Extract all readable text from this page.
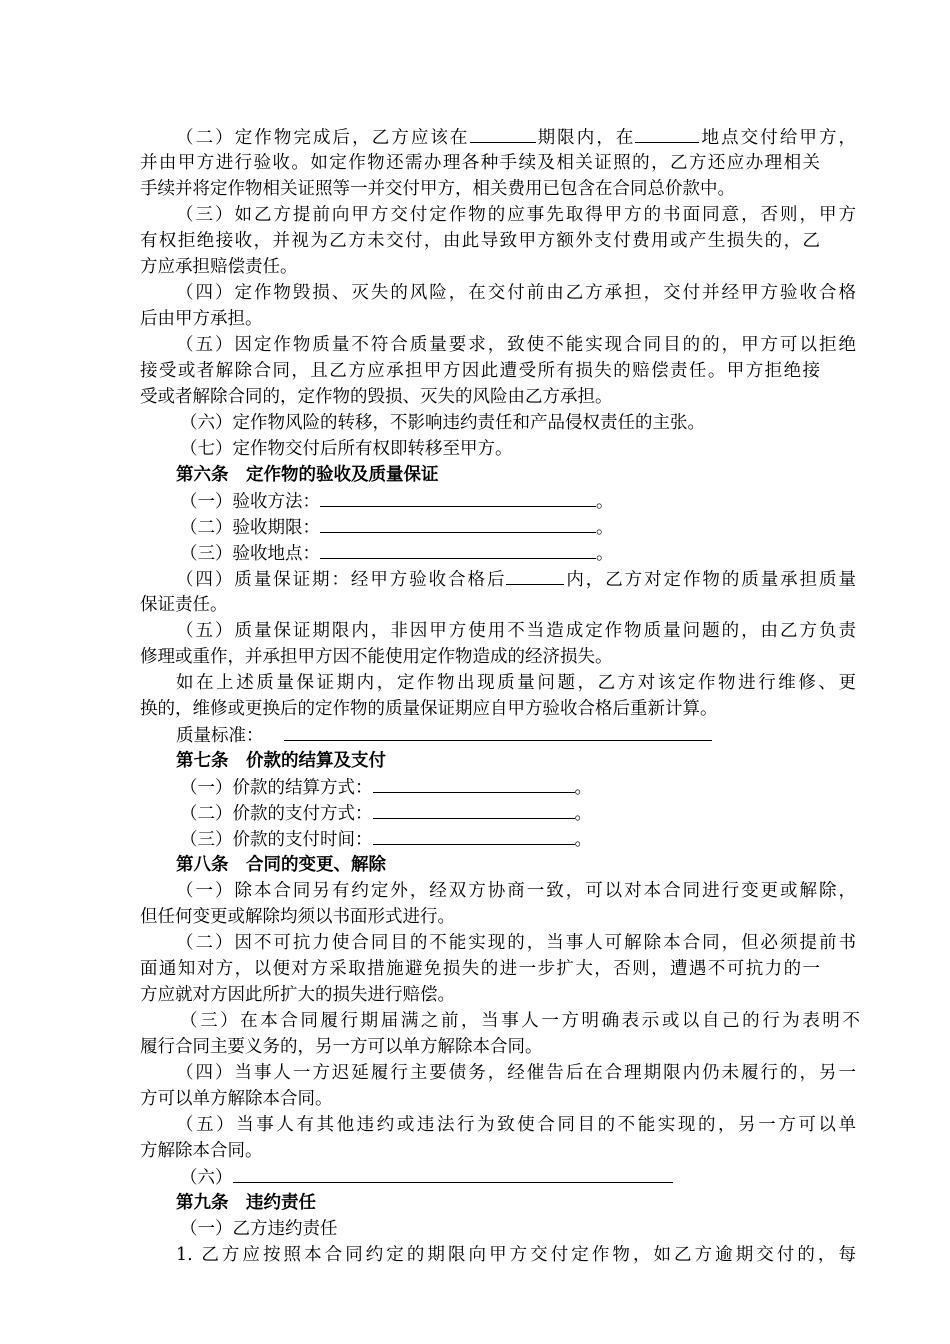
（二）定作物完成后，乙方应该在	期限内，在	地点交付给甲方，
并由甲方进行验收。如定作物还需办理各种手续及相关证照的，乙方还应办理相关
手续并将定作物相关证照等一并交付甲方，相关费用已包含在合同总价款中。
（三）如乙方提前向甲方交付定作物的应事先取得甲方的书面同意，否则，甲方
有权拒绝接收，并视为乙方未交付，由此导致甲方额外支付费用或产生损失的，乙
方应承担赔偿责任。
（四）定作物毁损、灭失的风险，在交付前由乙方承担，交付并经甲方验收合格
后由甲方承担。
（五）因定作物质量不符合质量要求，致使不能实现合同目的的，甲方可以拒绝
接受或者解除合同，且乙方应承担甲方因此遭受所有损失的赔偿责任。甲方拒绝接
受或者解除合同的，定作物的毁损、灭失的风险由乙方承担。
（六）定作物风险的转移，不影响违约责任和产品侵权责任的主张。
（七）定作物交付后所有权即转移至甲方。
第六条　定作物的验收及质量保证
（一）验收方法：	。
（二）验收期限：	。
（三）验收地点：	。
（四）质量保证期：经甲方验收合格后	内，乙方对定作物的质量承担质量
保证责任。
（五）质量保证期限内，非因甲方使用不当造成定作物质量问题的，由乙方负责
修理或重作，并承担甲方因不能使用定作物造成的经济损失。
如在上述质量保证期内，定作物出现质量问题，乙方对该定作物进行维修、更
换的，维修或更换后的定作物的质量保证期应自甲方验收合格后重新计算。
质量标准：
第七条　价款的结算及支付
（一）价款的结算方式：	。
（二）价款的支付方式：	。
（三）价款的支付时间：	。
第八条　合同的变更、解除
（一）除本合同另有约定外，经双方协商一致，可以对本合同进行变更或解除，
但任何变更或解除均须以书面形式进行。
（二）因不可抗力使合同目的不能实现的，当事人可解除本合同，但必须提前书
面通知对方，以便对方采取措施避免损失的进一步扩大，否则，遭遇不可抗力的一
方应就对方因此所扩大的损失进行赔偿。
（三）在本合同履行期届满之前，当事人一方明确表示或以自己的行为表明不
履行合同主要义务的，另一方可以单方解除本合同。
（四）当事人一方迟延履行主要债务，经催告后在合理期限内仍未履行的，另一
方可以单方解除本合同。
（五）当事人有其他违约或违法行为致使合同目的不能实现的，另一方可以单
方解除本合同。
（六）
第九条　违约责任
（一）乙方违约责任
1. 乙方应按照本合同约定的期限向甲方交付定作物，如乙方逾期交付的，每
